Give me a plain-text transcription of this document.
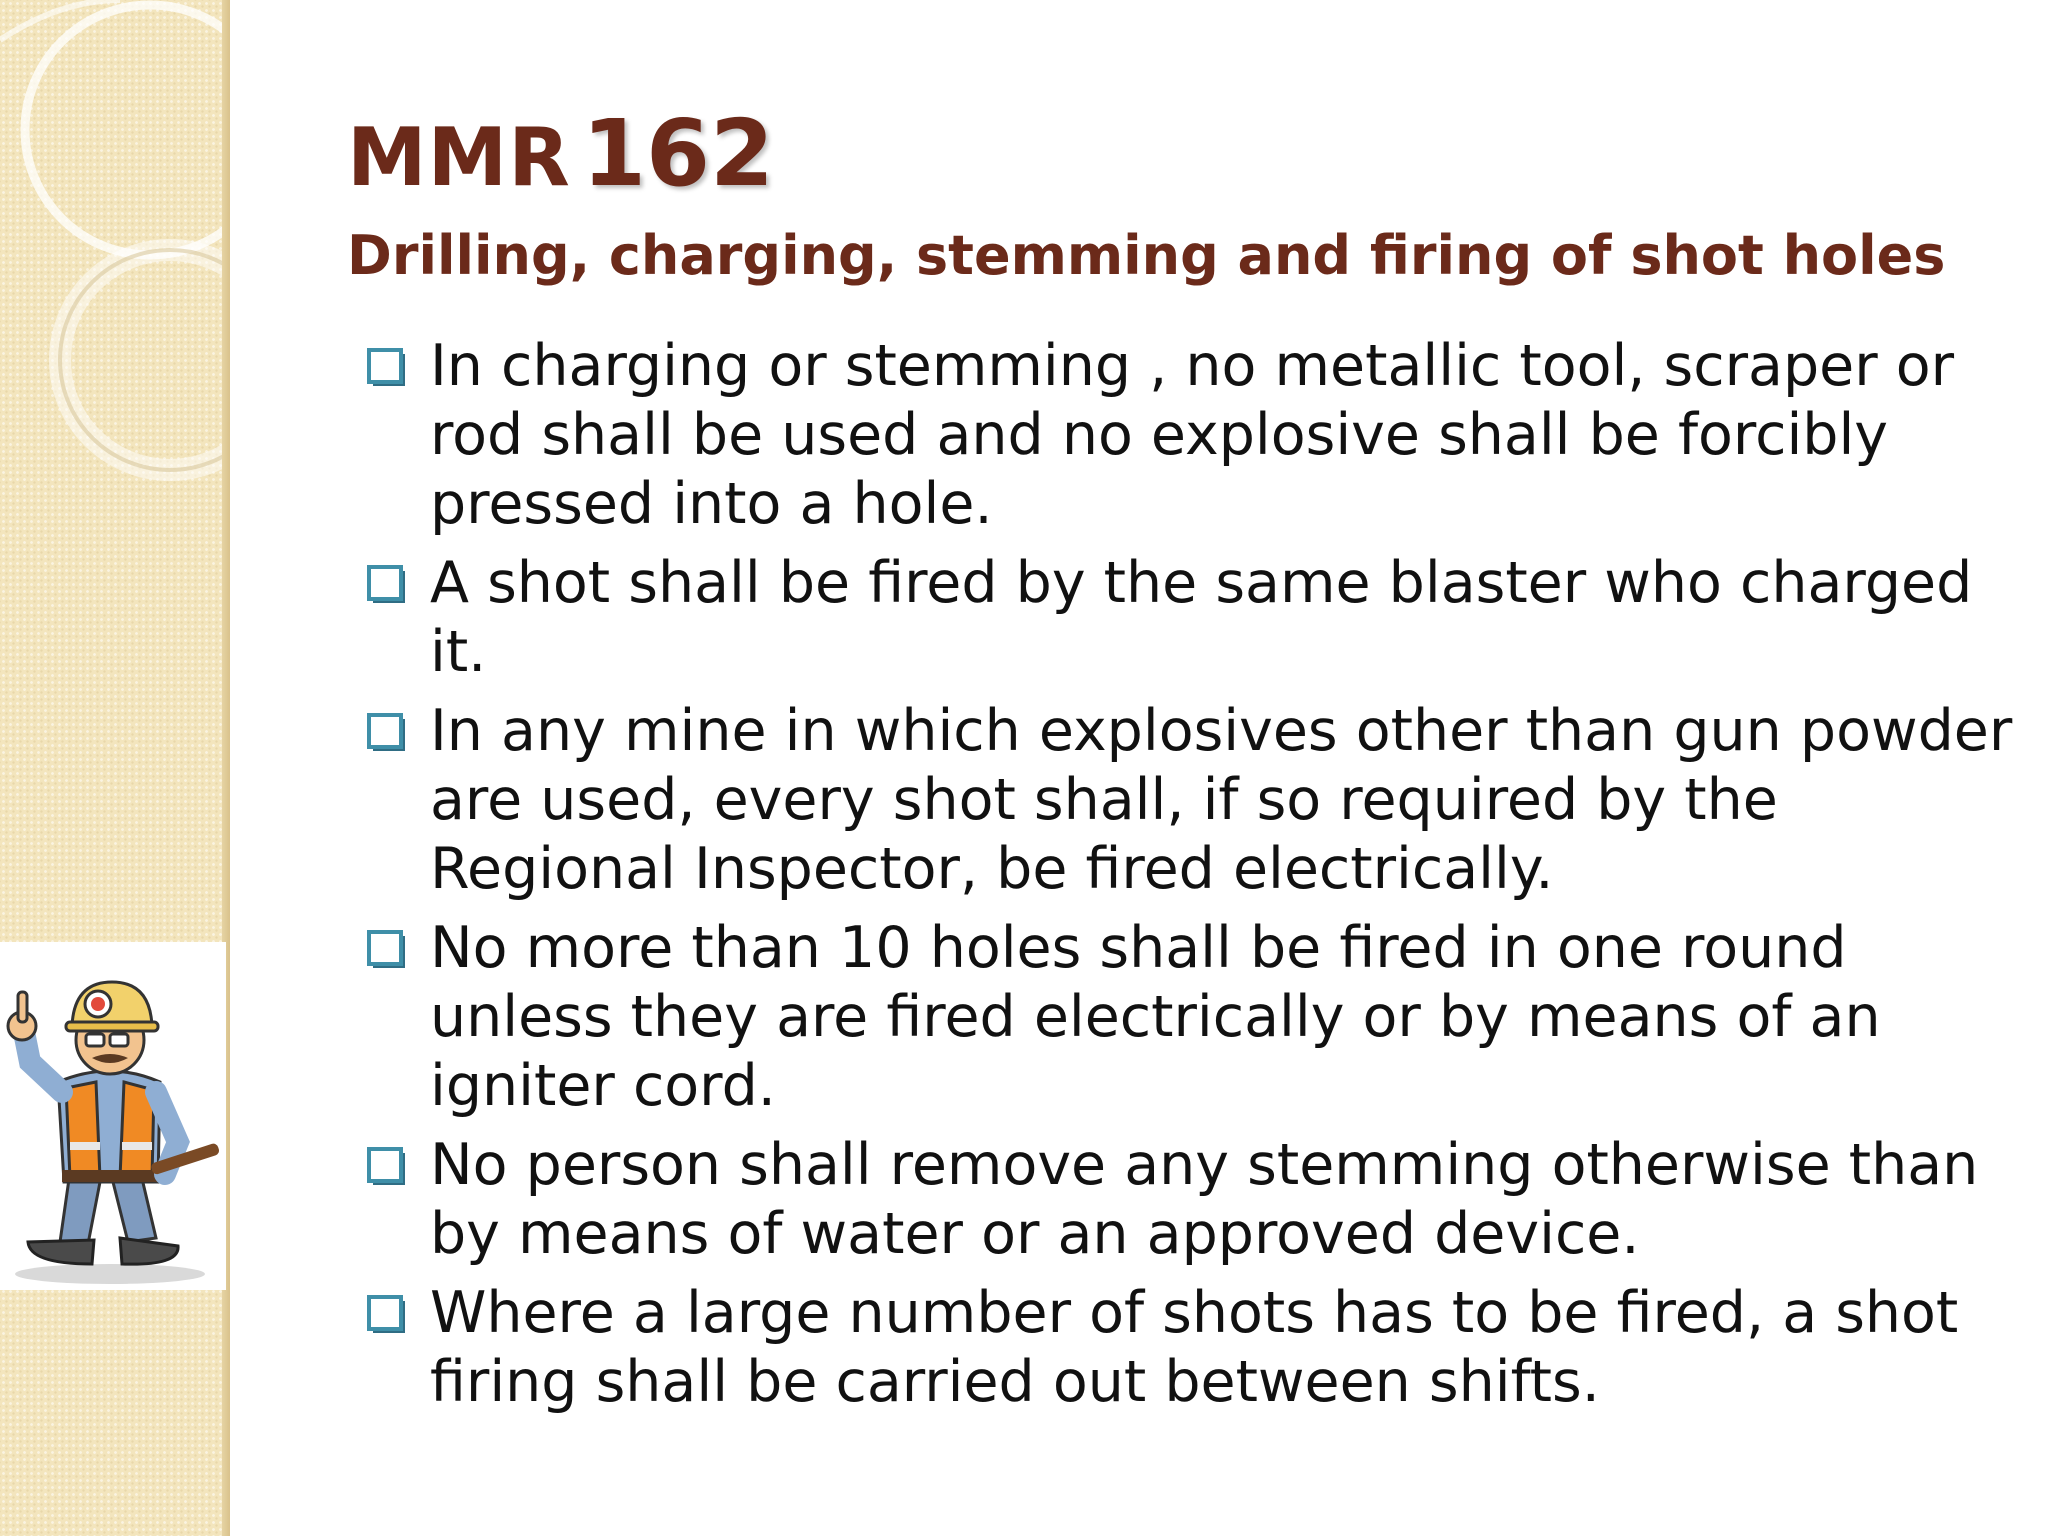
MMR 162
Drilling, charging, stemming and firing of shot holes
In charging or stemming , no metallic tool, scraper or rod shall be used and no explosive shall be forcibly pressed into a hole.
A shot shall be fired by the same blaster who charged it.
In any mine in which explosives other than gun powder are used, every shot shall, if so required by the Regional Inspector, be fired electrically.
No more than 10 holes shall be fired in one round unless they are fired electrically or by means of an igniter cord.
No person shall remove any stemming otherwise than by means of water or an approved device.
Where a large number of shots has to be fired, a shot firing shall be carried out between shifts.
